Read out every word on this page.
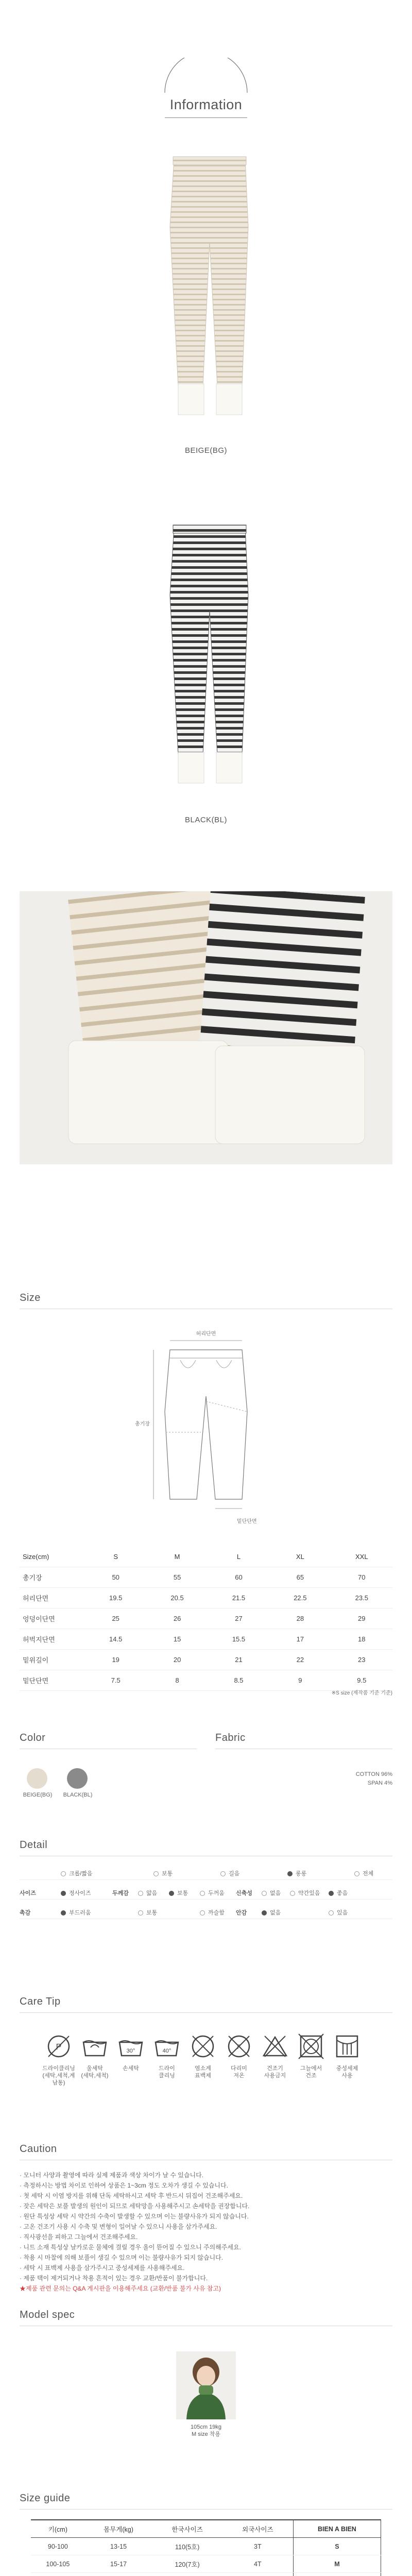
Information
BEIGE(BG)
BLACK(BL)
Size
허리단면
총기장
밑단단면
Size(cm)	S	M	L	XL	XXL
총기장	50	55	60	65	70
허리단면	19.5	20.5	21.5	22.5	23.5
엉덩이단면	25	26	27	28	29
허벅지단면	14.5	15	15.5	17	18
밑위길이	19	20	21	22	23
밑단단면	7.5	8	8.5	9	9.5
※S size (제작품 기준 기준)
Color	Fabric
BEIGE(BG)	BLACK(BL)
COTTON 96%
SPAN 4%
Detail
크롭/짧음	보통	길음	롱롱	전체
사이즈	정사이즈	두께감	얇음	보통	두꺼움 신축성	없음	약간있음	좋음
촉감	부드러움	보통	까슬함 안감	없음	있음
Care Tip
P	30°	40°
F
드라이클리닝
(세탁,세척,계남통)
울세탁
(세탁,세척)
손세탁	드라이
클리닝
염소계
표백제
다리미
저온
건조기
사용금지
그늘에서
건조
중성세제
사용
Caution

· 모니터 사양과 촬영에 따라 실제 제품과 색상 차이가 날 수 있습니다.

· 측정하시는 방법 차이로 인하여 상품은 1~3cm 정도 오차가 생길 수 있습니다.

· 첫 세탁 시 이염 방지를 위해 단독 세탁하시고 세탁 후 반드시 뒤집어 건조해주세요.

· 잦은 세탁은 보풀 발생의 원인이 되므로 세탁망을 사용해주시고 손세탁을 권장합니다.

· 원단 특성상 세탁 시 약간의 수축이 발생할 수 있으며 이는 불량사유가 되지 않습니다.

· 고온 건조기 사용 시 수축 및 변형이 일어날 수 있으니 사용을 삼가주세요.

· 직사광선을 피하고 그늘에서 건조해주세요.

· 니트 소재 특성상 날카로운 물체에 걸릴 경우 올이 뜯어질 수 있으니 주의해주세요.

· 착용 시 마찰에 의해 보풀이 생길 수 있으며 이는 불량사유가 되지 않습니다.

· 세탁 시 표백제 사용을 삼가주시고 중성세제를 사용해주세요.

· 제품 택이 제거되거나 착용 흔적이 있는 경우 교환/반품이 불가합니다.

★제품 관련 문의는 Q&A 게시판을 이용해주세요 (교환/반품 불가 사유 참고)

Model spec
105cm 19kg
M size 착용
Size guide
키(cm)	몸무게(kg)	한국사이즈	외국사이즈	BIEN A BIEN
90-100	13-15	110(5호)	3T	S
100-105	15-17	120(7호)	4T	M
